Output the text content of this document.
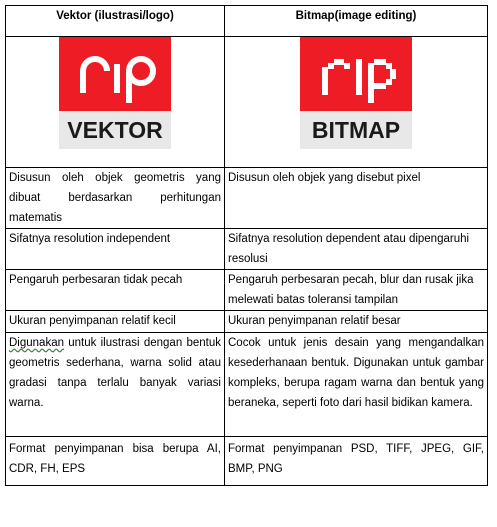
Vektor (ilustrasi/logo)	Bitmap(image editing)

VEKTOR	BITMAP

Disusun oleh objek geometris yang dibuat berdasarkan perhitungan matematis	Disusun oleh objek yang disebut pixel
Sifatnya resolution independent	Sifatnya resolution dependent atau dipengaruhi resolusi
Pengaruh perbesaran tidak pecah	Pengaruh perbesaran pecah, blur dan rusak jika melewati batas toleransi tampilan
Ukuran penyimpanan relatif kecil	Ukuran penyimpanan relatif besar
Digunakan untuk ilustrasi dengan bentuk geometris sederhana, warna solid atau gradasi tanpa terlalu banyak variasi warna.	Cocok untuk jenis desain yang mengandalkan kesederhanaan bentuk. Digunakan untuk gambar kompleks, berupa ragam warna dan bentuk yang beraneka, seperti foto dari hasil bidikan kamera.
Format penyimpanan bisa berupa AI, CDR, FH, EPS	Format penyimpanan PSD, TIFF, JPEG, GIF, BMP, PNG
